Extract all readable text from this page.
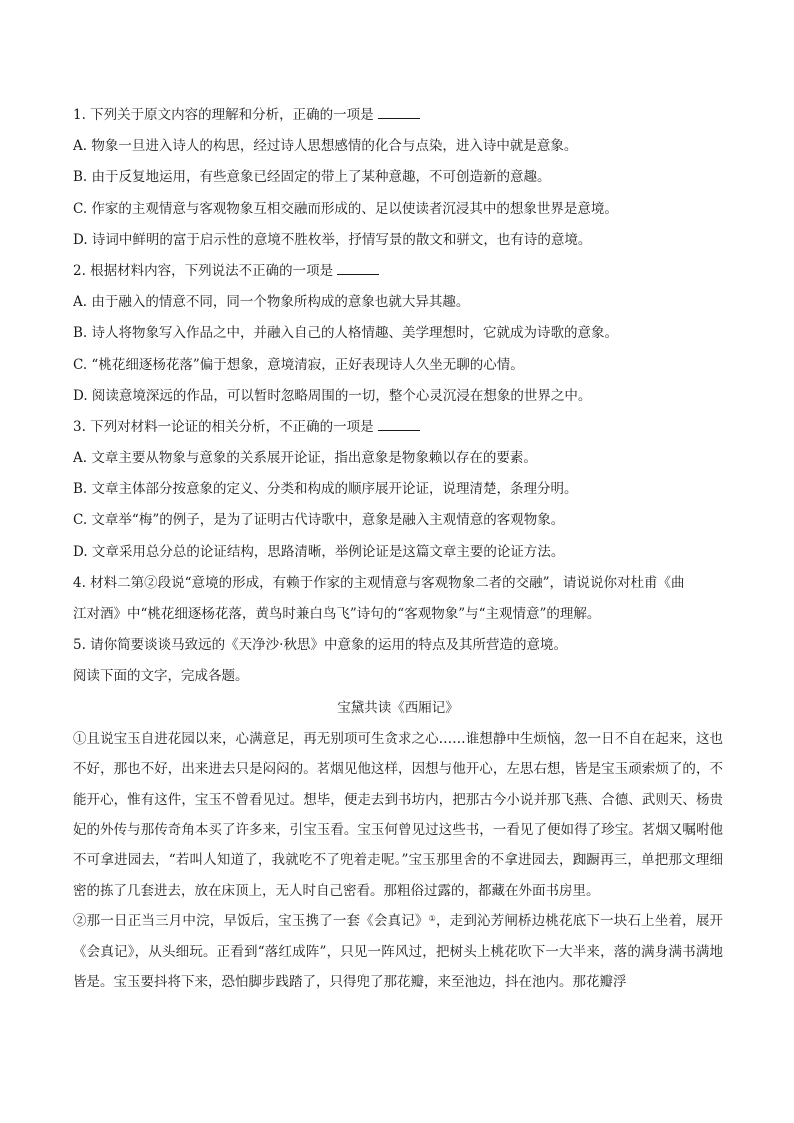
1. 下列关于原文内容的理解和分析，正确的一项是
A. 物象一旦进入诗人的构思，经过诗人思想感情的化合与点染，进入诗中就是意象。
B. 由于反复地运用，有些意象已经固定的带上了某种意趣，不可创造新的意趣。
C. 作家的主观情意与客观物象互相交融而形成的、足以使读者沉浸其中的想象世界是意境。
D. 诗词中鲜明的富于启示性的意境不胜枚举，抒情写景的散文和骈文，也有诗的意境。
2. 根据材料内容，下列说法不正确的一项是
A. 由于融入的情意不同，同一个物象所构成的意象也就大异其趣。
B. 诗人将物象写入作品之中，并融入自己的人格情趣、美学理想时，它就成为诗歌的意象。
C. “桃花细逐杨花落”偏于想象，意境清寂，正好表现诗人久坐无聊的心情。
D. 阅读意境深远的作品，可以暂时忽略周围的一切，整个心灵沉浸在想象的世界之中。
3. 下列对材料一论证的相关分析，不正确的一项是
A. 文章主要从物象与意象的关系展开论证，指出意象是物象赖以存在的要素。
B. 文章主体部分按意象的定义、分类和构成的顺序展开论证，说理清楚，条理分明。
C. 文章举“梅”的例子，是为了证明古代诗歌中，意象是融入主观情意的客观物象。
D. 文章采用总分总的论证结构，思路清晰，举例论证是这篇文章主要的论证方法。
4. 材料二第②段说“意境的形成，有赖于作家的主观情意与客观物象二者的交融”，请说说你对杜甫《曲
江对酒》中“桃花细逐杨花落，黄鸟时兼白鸟飞”诗句的“客观物象”与“主观情意”的理解。
5. 请你简要谈谈马致远的《天净沙·秋思》中意象的运用的特点及其所营造的意境。
阅读下面的文字，完成各题。
宝黛共读《西厢记》
①且说宝玉自进花园以来，心满意足，再无别项可生贪求之心……谁想静中生烦恼，忽一日不自在起来，这也不好，那也不好，出来进去只是闷闷的。茗烟见他这样，因想与他开心，左思右想，皆是宝玉顽索烦了的，不能开心，惟有这件，宝玉不曾看见过。想毕，便走去到书坊内，把那古今小说并那飞燕、合德、武则天、杨贵妃的外传与那传奇角本买了许多来，引宝玉看。宝玉何曾见过这些书，一看见了便如得了珍宝。茗烟又嘱咐他不可拿进园去，“若叫人知道了，我就吃不了兜着走呢。”宝玉那里舍的不拿进园去，踟蹰再三，单把那文理细密的拣了几套进去，放在床顶上，无人时自己密看。那粗俗过露的，都藏在外面书房里。
②那一日正当三月中浣，早饭后，宝玉携了一套《会真记》①，走到沁芳闸桥边桃花底下一块石上坐着，展开《会真记》，从头细玩。正看到“落红成阵”，只见一阵风过，把树头上桃花吹下一大半来，落的满身满书满地皆是。宝玉要抖将下来，恐怕脚步践踏了，只得兜了那花瓣，来至池边，抖在池内。那花瓣浮
